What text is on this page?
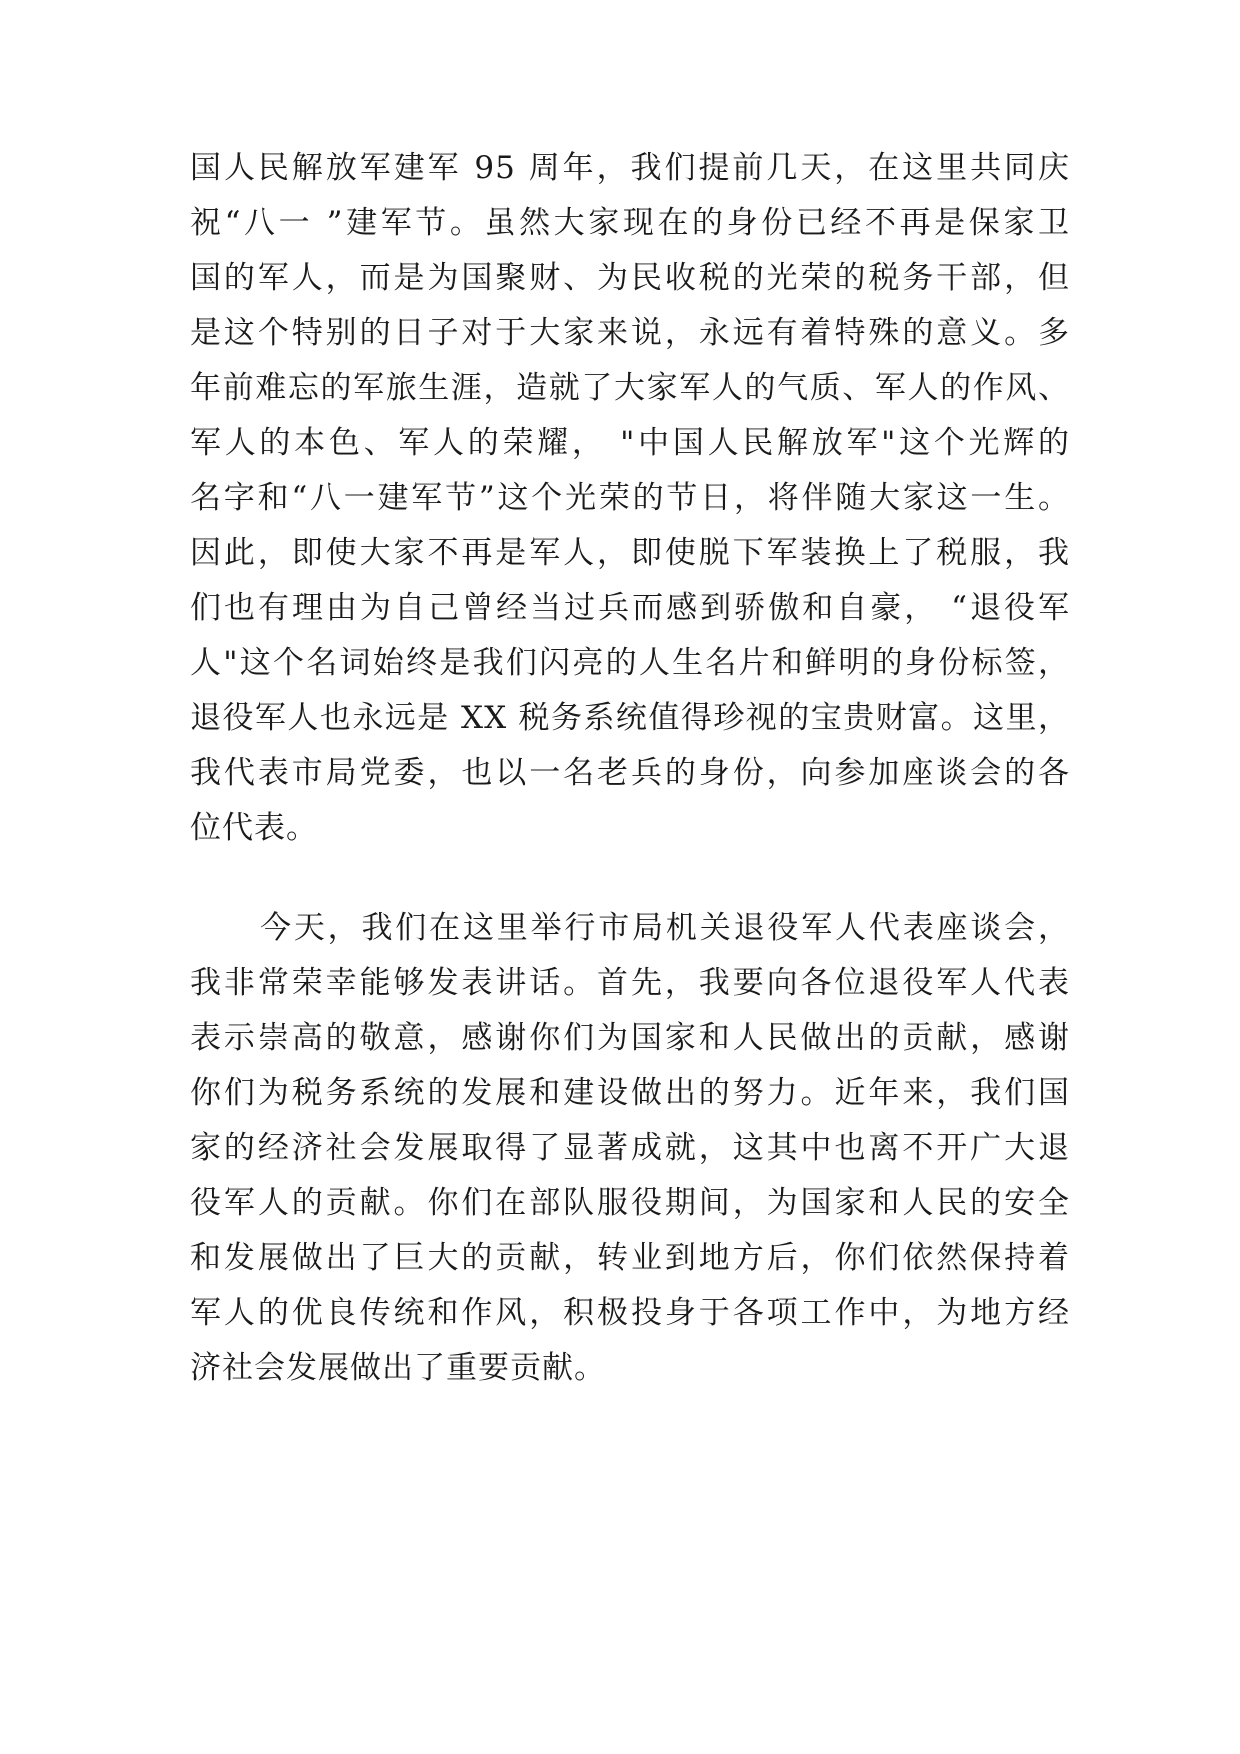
国人民解放军建军 95 周年，我们提前几天，在这里共同庆
祝“八一 ”建军节。虽然大家现在的身份已经不再是保家卫
国的军人，而是为国聚财、为民收税的光荣的税务干部，但
是这个特别的日子对于大家来说，永远有着特殊的意义。多
年前难忘的军旅生涯，造就了大家军人的气质、军人的作风、
军人的本色、军人的荣耀， "中国人民解放军"这个光辉的
名字和“八一建军节”这个光荣的节日，将伴随大家这一生。
因此，即使大家不再是军人，即使脱下军装换上了税服，我
们也有理由为自己曾经当过兵而感到骄傲和自豪， “退役军
人"这个名词始终是我们闪亮的人生名片和鲜明的身份标签，
退役军人也永远是 XX 税务系统值得珍视的宝贵财富。这里，
我代表市局党委，也以一名老兵的身份，向参加座谈会的各
位代表。
今天，我们在这里举行市局机关退役军人代表座谈会，
我非常荣幸能够发表讲话。首先，我要向各位退役军人代表
表示崇高的敬意，感谢你们为国家和人民做出的贡献，感谢
你们为税务系统的发展和建设做出的努力。近年来，我们国
家的经济社会发展取得了显著成就，这其中也离不开广大退
役军人的贡献。你们在部队服役期间，为国家和人民的安全
和发展做出了巨大的贡献，转业到地方后，你们依然保持着
军人的优良传统和作风，积极投身于各项工作中，为地方经
济社会发展做出了重要贡献。
